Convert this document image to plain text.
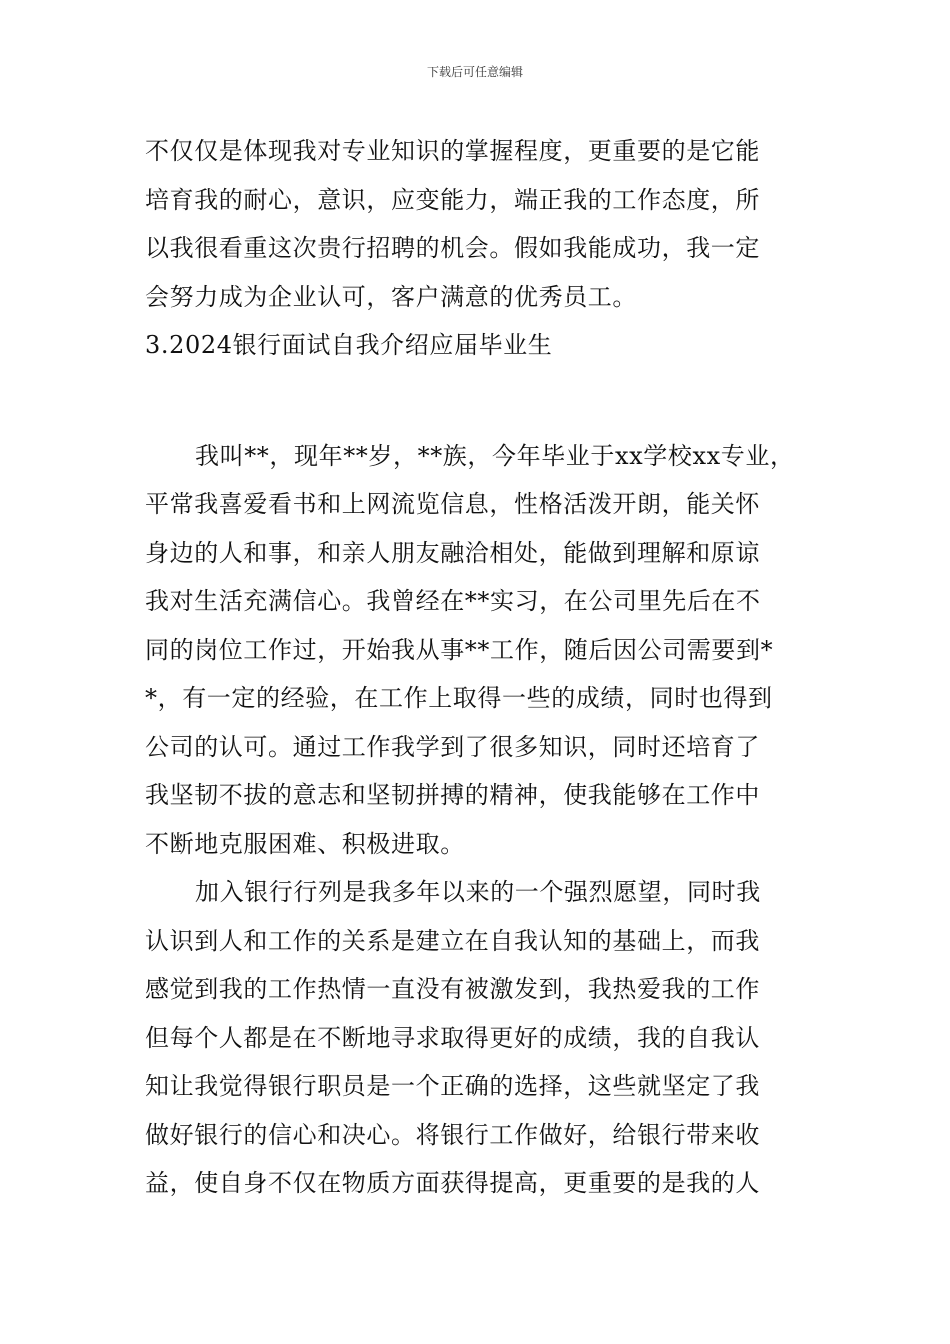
下载后可任意编辑
不仅仅是体现我对专业知识的掌握程度，更重要的是它能
培育我的耐心，意识，应变能力，端正我的工作态度，所
以我很看重这次贵行招聘的机会。假如我能成功，我一定
会努力成为企业认可，客户满意的优秀员工。
3.2024银行面试自我介绍应届毕业生
我叫**，现年**岁，**族，今年毕业于xx学校xx专业，
平常我喜爱看书和上网流览信息，性格活泼开朗，能关怀
身边的人和事，和亲人朋友融洽相处，能做到理解和原谅
我对生活充满信心。我曾经在**实习，在公司里先后在不
同的岗位工作过，开始我从事**工作，随后因公司需要到*
*，有一定的经验，在工作上取得一些的成绩，同时也得到
公司的认可。通过工作我学到了很多知识，同时还培育了
我坚韧不拔的意志和坚韧拼搏的精神，使我能够在工作中
不断地克服困难、积极进取。
加入银行行列是我多年以来的一个强烈愿望，同时我
认识到人和工作的关系是建立在自我认知的基础上，而我
感觉到我的工作热情一直没有被激发到，我热爱我的工作
但每个人都是在不断地寻求取得更好的成绩，我的自我认
知让我觉得银行职员是一个正确的选择，这些就坚定了我
做好银行的信心和决心。将银行工作做好，给银行带来收
益，使自身不仅在物质方面获得提高，更重要的是我的人
